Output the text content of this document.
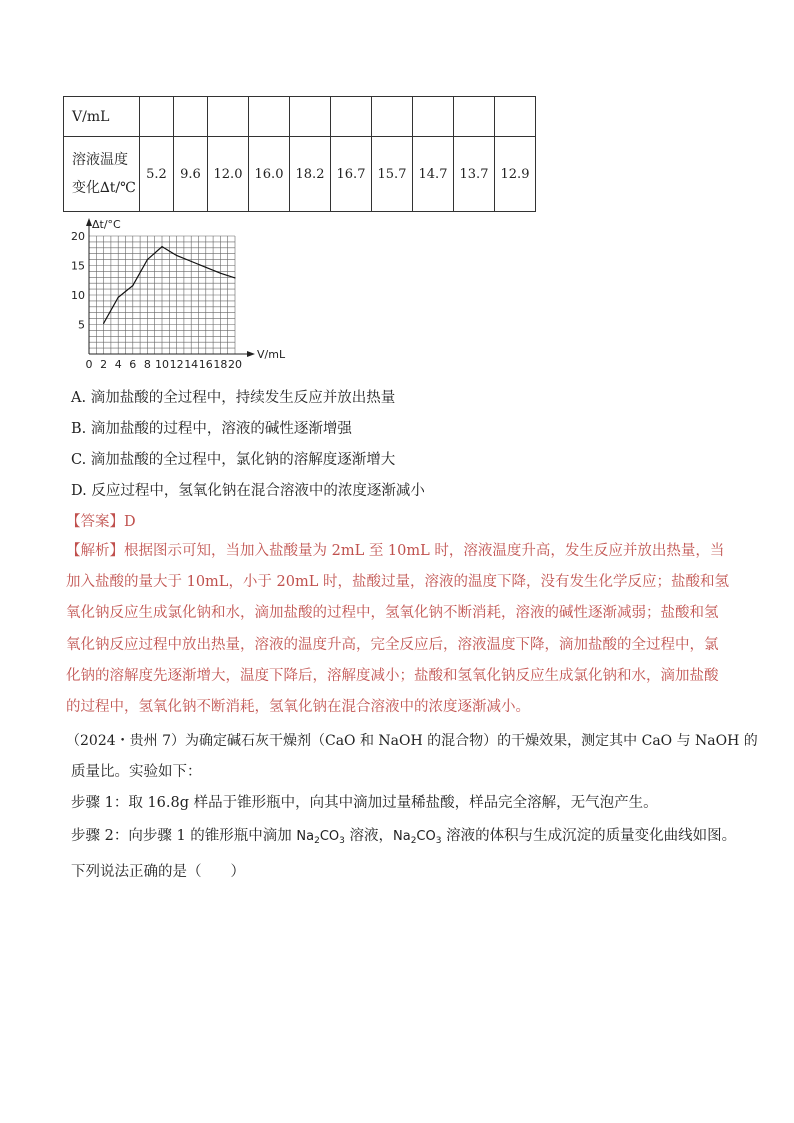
V/mL										

溶液温度
变化∆t/℃	5.2	9.6	12.0	16.0	18.2	16.7	15.7	14.7	13.7	12.9
0 2 4 6 8 10 12 14 16 18 20
5
10
15
20
Δt/°C
V/mL
A. 滴加盐酸的全过程中，持续发生反应并放出热量
B. 滴加盐酸的过程中，溶液的碱性逐渐增强
C. 滴加盐酸的全过程中，氯化钠的溶解度逐渐增大
D. 反应过程中，氢氧化钠在混合溶液中的浓度逐渐减小
【答案】D
【解析】根据图示可知，当加入盐酸量为 2mL 至 10mL 时，溶液温度升高，发生反应并放出热量，当加入盐酸的量大于 10mL，小于 20mL 时，盐酸过量，溶液的温度下降，没有发生化学反应；盐酸和氢氧化钠反应生成氯化钠和水，滴加盐酸的过程中，氢氧化钠不断消耗，溶液的碱性逐渐减弱；盐酸和氢氧化钠反应过程中放出热量，溶液的温度升高，完全反应后，溶液温度下降，滴加盐酸的全过程中，氯化钠的溶解度先逐渐增大，温度下降后，溶解度减小；盐酸和氢氧化钠反应生成氯化钠和水，滴加盐酸的过程中，氢氧化钠不断消耗，氢氧化钠在混合溶液中的浓度逐渐减小。
（2024・贵州 7）为确定碱石灰干燥剂（CaO 和 NaOH 的混合物）的干燥效果，测定其中 CaO 与 NaOH 的
质量比。实验如下：
步骤 1：取 16.8g 样品于锥形瓶中，向其中滴加过量稀盐酸，样品完全溶解，无气泡产生。
步骤 2：向步骤 1 的锥形瓶中滴加 $Na_2CO_3$ 溶液，$Na_2CO_3$ 溶液的体积与生成沉淀的质量变化曲线如图。
下列说法正确的是（　　）
